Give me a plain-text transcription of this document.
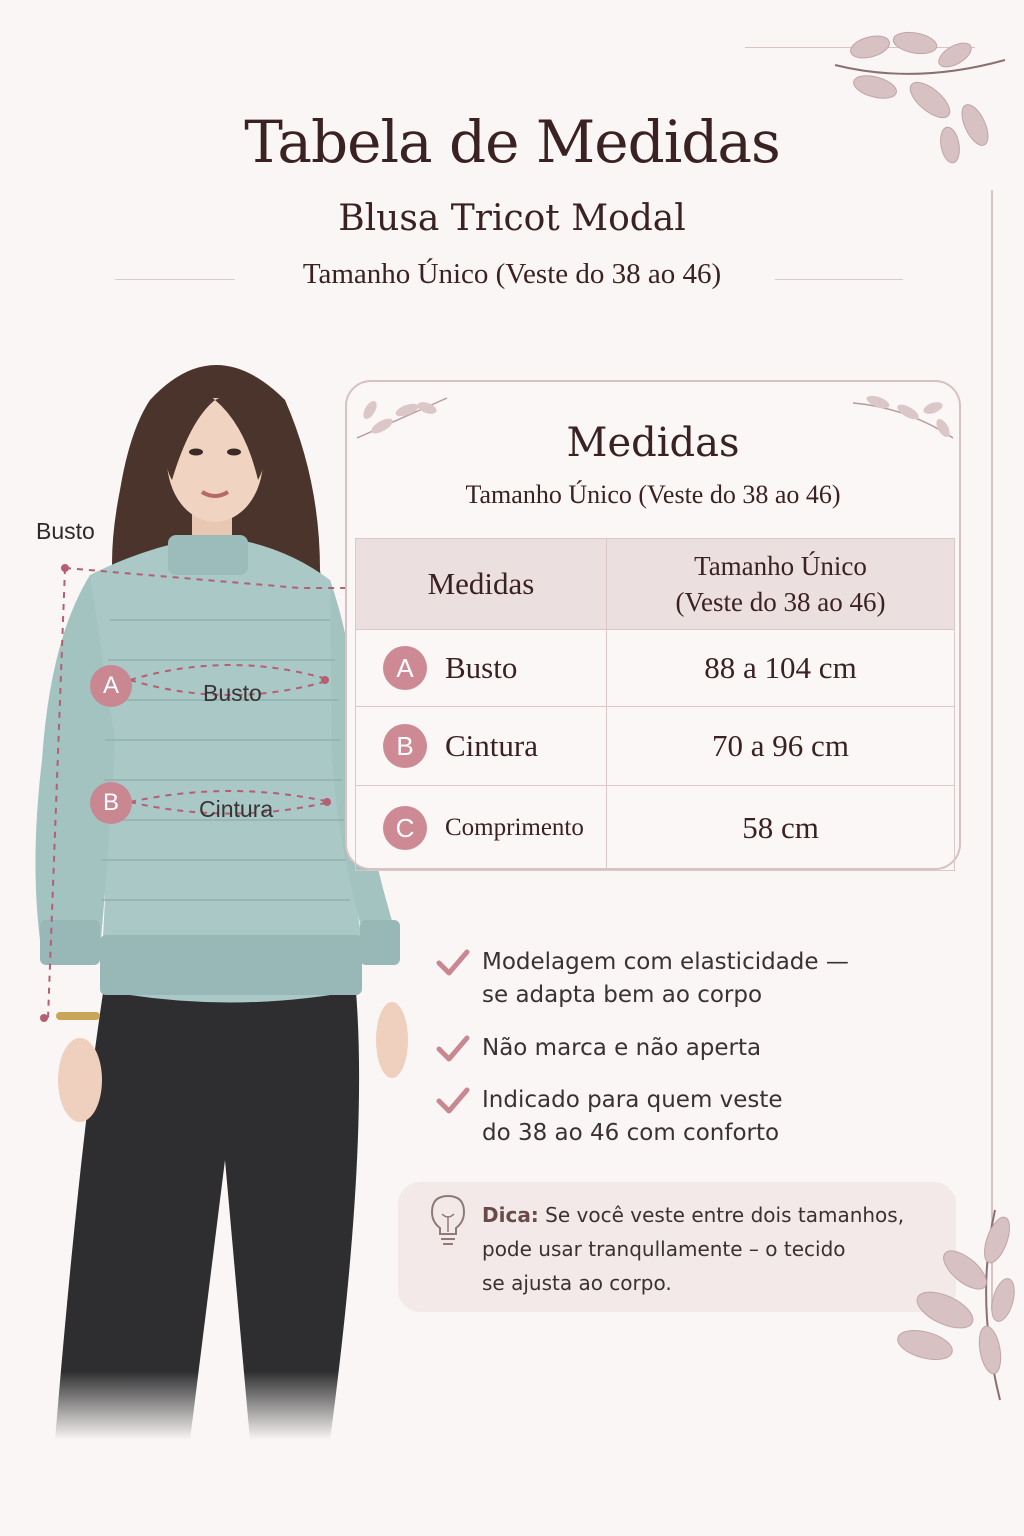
Tabela de Medidas
Blusa Tricot Modal
Tamanho Único (Veste do 38 ao 46)
Busto
A	Busto
B	Cintura
Medidas
Tamanho Único (Veste do 38 ao 46)
Medidas	Tamanho Único
(Veste do 38 ao 46)

A Busto	88 a 104 cm

B Cintura	70 a 96 cm

C Comprimento	58 cm
Modelagem com elasticidade —
se adapta bem ao corpo
Não marca e não aperta
Indicado para quem veste
do 38 ao 46 com conforto
Dica: Se você veste entre dois tamanhos,
pode usar tranqullamente – o tecido
se ajusta ao corpo.
